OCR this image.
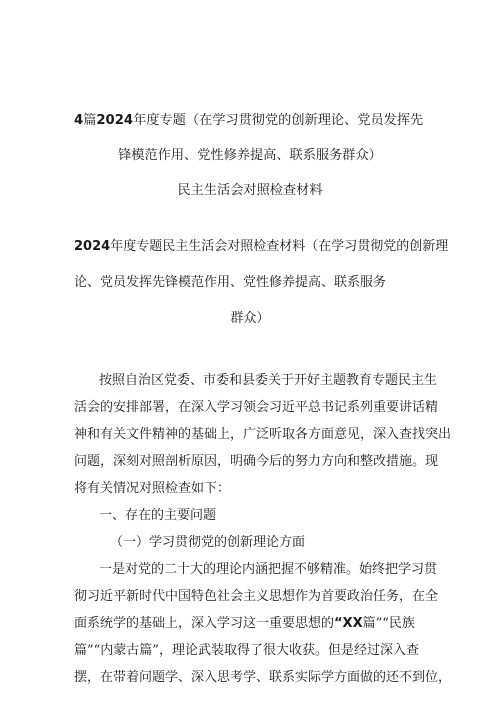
4篇2024年度专题（在学习贯彻党的创新理论、党员发挥先
锋模范作用、党性修养提高、联系服务群众）
民主生活会对照检查材料
2024年度专题民主生活会对照检查材料（在学习贯彻党的创新理
论、党员发挥先锋模范作用、党性修养提高、联系服务
群众）
按照自治区党委、市委和县委关于开好主题教育专题民主生
活会的安排部署，在深入学习领会习近平总书记系列重要讲话精
神和有关文件精神的基础上，广泛听取各方面意见，深入查找突出
问题，深刻对照剖析原因，明确今后的努力方向和整改措施。现
将有关情况对照检查如下：
一、存在的主要问题
（一）学习贯彻党的创新理论方面
一是对党的二十大的理论内涵把握不够精准。始终把学习贯
彻习近平新时代中国特色社会主义思想作为首要政治任务，在全
面系统学的基础上，深入学习这一重要思想的“XX篇”“民族
篇”“内蒙古篇”，理论武装取得了很大收获。但是经过深入查
摆，在带着问题学、深入思考学、联系实际学方面做的还不到位，
